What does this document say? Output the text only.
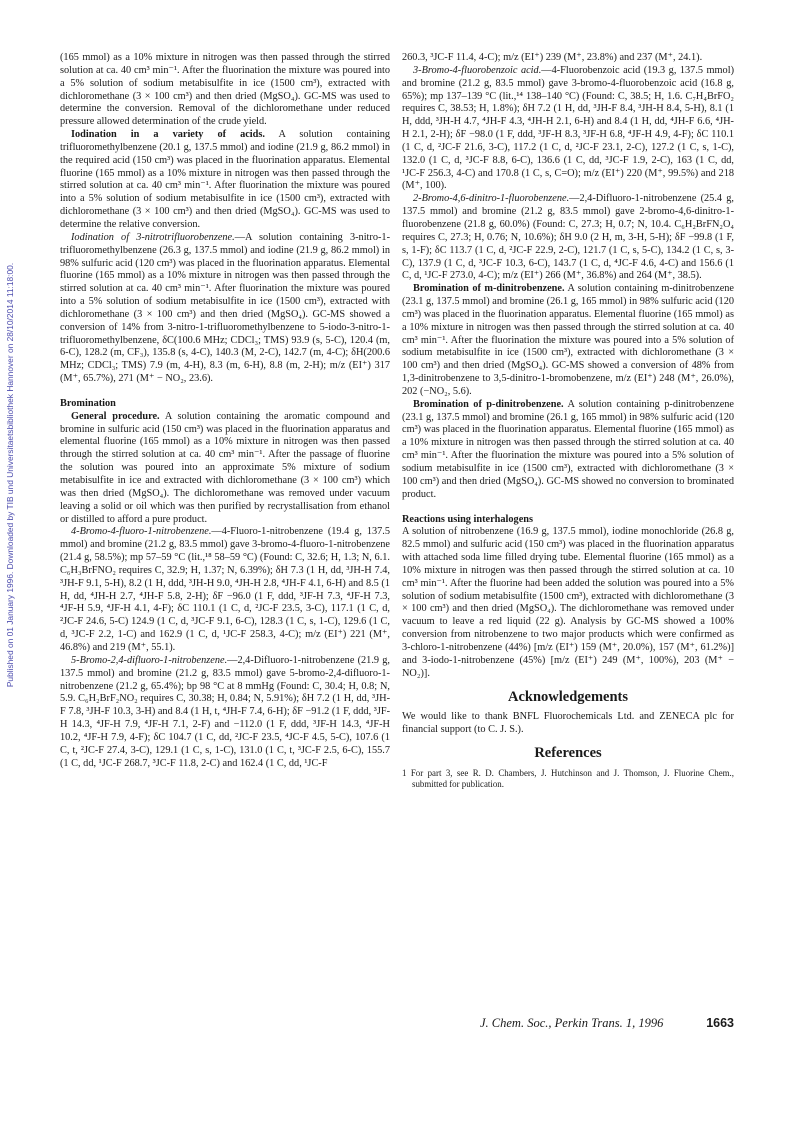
Published on 01 January 1996. Downloaded by TIB und Universitaetsbibliothek Hannover on 28/10/2014 11:18:00.

(165 mmol) as a 10% mixture in nitrogen was then passed through the stirred solution at ca. 40 cm³ min⁻¹. After the fluorination the mixture was poured into a 5% solution of sodium metabisulfite in ice (1500 cm³), extracted with dichloromethane (3 × 100 cm³) and then dried (MgSO₄). GC-MS was used to determine the conversion. Removal of the dichloromethane under reduced pressure allowed determination of the crude yield.

Iodination in a variety of acids. A solution containing trifluoromethylbenzene (20.1 g, 137.5 mmol) and iodine (21.9 g, 86.2 mmol) in the required acid (150 cm³) was placed in the fluorination apparatus. Elemental fluorine (165 mmol) as a 10% mixture in nitrogen was then passed through the stirred solution at ca. 40 cm³ min⁻¹. After fluorination the mixture was poured into a 5% solution of sodium metabisulfite in ice (1500 cm³), extracted with dichloromethane (3 × 100 cm³) and then dried (MgSO₄). GC-MS was used to determine the relative conversion.

Iodination of 3-nitrotrifluorobenzene.—A solution containing 3-nitro-1-trifluoromethylbenzene (26.3 g, 137.5 mmol) and iodine (21.9 g, 86.2 mmol) in 98% sulfuric acid (120 cm³) was placed in the fluorination apparatus. Elemental fluorine (165 mmol) as a 10% mixture in nitrogen was then passed through the stirred solution at ca. 40 cm³ min⁻¹. After fluorination the mixture was poured into a 5% solution of sodium metabisulfite in ice (1500 cm³), extracted with dichloromethane (3 × 100 cm³) and then dried (MgSO₄). GC-MS showed a conversion of 14% from 3-nitro-1-trifluoromethylbenzene to 5-iodo-3-nitro-1-trifluoromethylbenzene, δC(100.6 MHz; CDCl₃; TMS) 93.9 (s, 5-C), 120.4 (m, 6-C), 128.2 (m, CF₃), 135.8 (s, 4-C), 140.3 (M, 2-C), 142.7 (m, 4-C); δH(200.6 MHz; CDCl₃; TMS) 7.9 (m, 4-H), 8.3 (m, 6-H), 8.8 (m, 2-H); m/z (EI⁺) 317 (M⁺, 65.7%), 271 (M⁺ − NO₂, 23.6).

Bromination

General procedure. A solution containing the aromatic compound and bromine in sulfuric acid (150 cm³) was placed in the fluorination apparatus and elemental fluorine (165 mmol) as a 10% mixture in nitrogen was then passed through the stirred solution at ca. 40 cm³ min⁻¹. After the passage of fluorine the solution was poured into an approximate 5% mixture of sodium metabisulfite in ice and extracted with dichloromethane (3 × 100 cm³) which was then dried (MgSO₄). The dichloromethane was removed under vacuum leaving a solid or oil which was then purified by recrystallisation from ethanol or distilled to afford a pure product.

4-Bromo-4-fluoro-1-nitrobenzene.—4-Fluoro-1-nitrobenzene (19.4 g, 137.5 mmol) and bromine (21.2 g, 83.5 mmol) gave 3-bromo-4-fluoro-1-nitrobenzene (21.4 g, 58.5%); mp 57–59 °C (lit.,¹⁸ 58–59 °C) (Found: C, 32.6; H, 1.3; N, 6.1. C₆H₃BrFNO₂ requires C, 32.9; H, 1.37; N, 6.39%); δH 7.3 (1 H, dd, ³JH-H 7.4, ³JH-F 9.1, 5-H), 8.2 (1 H, ddd, ³JH-H 9.0, ⁴JH-H 2.8, ⁴JH-F 4.1, 6-H) and 8.5 (1 H, dd, ⁴JH-H 2.7, ⁴JH-F 5.8, 2-H); δF −96.0 (1 F, ddd, ³JF-H 7.3, ⁴JF-H 7.3, ⁴JF-H 5.9, ⁴JF-H 4.1, 4-F); δC 110.1 (1 C, d, ²JC-F 23.5, 3-C), 117.1 (1 C, d, ²JC-F 24.6, 5-C) 124.9 (1 C, d, ³JC-F 9.1, 6-C), 128.3 (1 C, s, 1-C), 129.6 (1 C, d, ³JC-F 2.2, 1-C) and 162.9 (1 C, d, ¹JC-F 258.3, 4-C); m/z (EI⁺) 221 (M⁺, 46.8%) and 219 (M⁺, 55.1).

5-Bromo-2,4-difluoro-1-nitrobenzene.—2,4-Difluoro-1-nitrobenzene (21.9 g, 137.5 mmol) and bromine (21.2 g, 83.5 mmol) gave 5-bromo-2,4-difluoro-1-nitrobenzene (21.2 g, 65.4%); bp 98 °C at 8 mmHg (Found: C, 30.4; H, 0.8; N, 5.9. C₆H₂BrF₂NO₂ requires C, 30.38; H, 0.84; N, 5.91%); δH 7.2 (1 H, dd, ³JH-F 7.8, ³JH-F 10.3, 3-H) and 8.4 (1 H, t, ⁴JH-F 7.4, 6-H); δF −91.2 (1 F, ddd, ³JF-H 14.3, ⁴JF-H 7.9, ⁴JF-H 7.1, 2-F) and −112.0 (1 F, ddd, ³JF-H 14.3, ⁴JF-H 10.2, ⁴JF-H 7.9, 4-F); δC 104.7 (1 C, dd, ²JC-F 23.5, ⁴JC-F 4.5, 5-C), 107.6 (1 C, t, ²JC-F 27.4, 3-C), 129.1 (1 C, s, 1-C), 131.0 (1 C, t, ³JC-F 2.5, 6-C), 155.7 (1 C, dd, ¹JC-F 268.7, ³JC-F 11.8, 2-C) and 162.4 (1 C, dd, ¹JC-F

260.3, ³JC-F 11.4, 4-C); m/z (EI⁺) 239 (M⁺, 23.8%) and 237 (M⁺, 24.1).

3-Bromo-4-fluorobenzoic acid.—4-Fluorobenzoic acid (19.3 g, 137.5 mmol) and bromine (21.2 g, 83.5 mmol) gave 3-bromo-4-fluorobenzoic acid (16.8 g, 65%); mp 137–139 °C (lit.,¹⁴ 138–140 °C) (Found: C, 38.5; H, 1.6. C₇H₄BrFO₂ requires C, 38.53; H, 1.8%); δH 7.2 (1 H, dd, ³JH-F 8.4, ³JH-H 8.4, 5-H), 8.1 (1 H, ddd, ³JH-H 4.7, ⁴JH-F 4.3, ⁴JH-H 2.1, 6-H) and 8.4 (1 H, dd, ⁴JH-F 6.6, ⁴JH-H 2.1, 2-H); δF −98.0 (1 F, ddd, ³JF-H 8.3, ³JF-H 6.8, ⁴JF-H 4.9, 4-F); δC 110.1 (1 C, d, ²JC-F 21.6, 3-C), 117.2 (1 C, d, ²JC-F 23.1, 2-C), 127.2 (1 C, s, 1-C), 132.0 (1 C, d, ³JC-F 8.8, 6-C), 136.6 (1 C, dd, ³JC-F 1.9, 2-C), 163 (1 C, dd, ¹JC-F 256.3, 4-C) and 170.8 (1 C, s, C=O); m/z (EI⁺) 220 (M⁺, 99.5%) and 218 (M⁺, 100).

2-Bromo-4,6-dinitro-1-fluorobenzene.—2,4-Difluoro-1-nitrobenzene (25.4 g, 137.5 mmol) and bromine (21.2 g, 83.5 mmol) gave 2-bromo-4,6-dinitro-1-fluorobenzene (21.8 g, 60.0%) (Found: C, 27.3; H, 0.7; N, 10.4. C₆H₂BrFN₂O₄ requires C, 27.3; H, 0.76; N, 10.6%); δH 9.0 (2 H, m, 3-H, 5-H); δF −99.8 (1 F, s, 1-F); δC 113.7 (1 C, d, ²JC-F 22.9, 2-C), 121.7 (1 C, s, 5-C), 134.2 (1 C, s, 3-C), 137.9 (1 C, d, ³JC-F 10.3, 6-C), 143.7 (1 C, d, ⁴JC-F 4.6, 4-C) and 156.6 (1 C, d, ¹JC-F 273.0, 4-C); m/z (EI⁺) 266 (M⁺, 36.8%) and 264 (M⁺, 38.5).

Bromination of m-dinitrobenzene. A solution containing m-dinitrobenzene (23.1 g, 137.5 mmol) and bromine (26.1 g, 165 mmol) in 98% sulfuric acid (120 cm³) was placed in the fluorination apparatus. Elemental fluorine (165 mmol) as a 10% mixture in nitrogen was then passed through the stirred solution at ca. 40 cm³ min⁻¹. After the fluorination the mixture was poured into a 5% solution of sodium metabisulfite in ice (1500 cm³), extracted with dichloromethane (3 × 100 cm³) and then dried (MgSO₄). GC-MS showed a conversion of 48% from 1,3-dinitrobenzene to 3,5-dinitro-1-bromobenzene, m/z (EI⁺) 248 (M⁺, 26.0%), 202 (−NO₂, 5.6).

Bromination of p-dinitrobenzene. A solution containing p-dinitrobenzene (23.1 g, 137.5 mmol) and bromine (26.1 g, 165 mmol) in 98% sulfuric acid (120 cm³) was placed in the fluorination apparatus. Elemental fluorine (165 mmol) as a 10% mixture in nitrogen was then passed through the stirred solution at ca. 40 cm³ min⁻¹. After the fluorination the mixture was poured into a 5% solution of sodium metabisulfite in ice (1500 cm³), extracted with dichloromethane (3 × 100 cm³) and then dried (MgSO₄). GC-MS showed no conversion to brominated product.

Reactions using interhalogens

A solution of nitrobenzene (16.9 g, 137.5 mmol), iodine monochloride (26.8 g, 82.5 mmol) and sulfuric acid (150 cm³) was placed in the fluorination apparatus with attached soda lime filled drying tube. Elemental fluorine (165 mmol) as a 10% mixture in nitrogen was then passed through the stirred solution at ca. 10 cm³ min⁻¹. After the fluorine had been added the solution was poured into a 5% solution of sodium metabisulfite (1500 cm³), extracted with dichloromethane (3 × 100 cm³) and then dried (MgSO₄). The dichloromethane was removed under vacuum to leave a red liquid (22 g). Analysis by GC-MS showed a 100% conversion from nitrobenzene to two major products which were confirmed as 3-chloro-1-nitrobenzene (44%) [m/z (EI⁺) 159 (M⁺, 20.0%), 157 (M⁺, 61.2%)] and 3-iodo-1-nitrobenzene (45%) [m/z (EI⁺) 249 (M⁺, 100%), 203 (M⁺ − NO₂)].

Acknowledgements

We would like to thank BNFL Fluorochemicals Ltd. and ZENECA plc for financial support (to C. J. S.).

References

1 For part 3, see R. D. Chambers, J. Hutchinson and J. Thomson, J. Fluorine Chem., submitted for publication.

J. Chem. Soc., Perkin Trans. 1, 1996	1663
